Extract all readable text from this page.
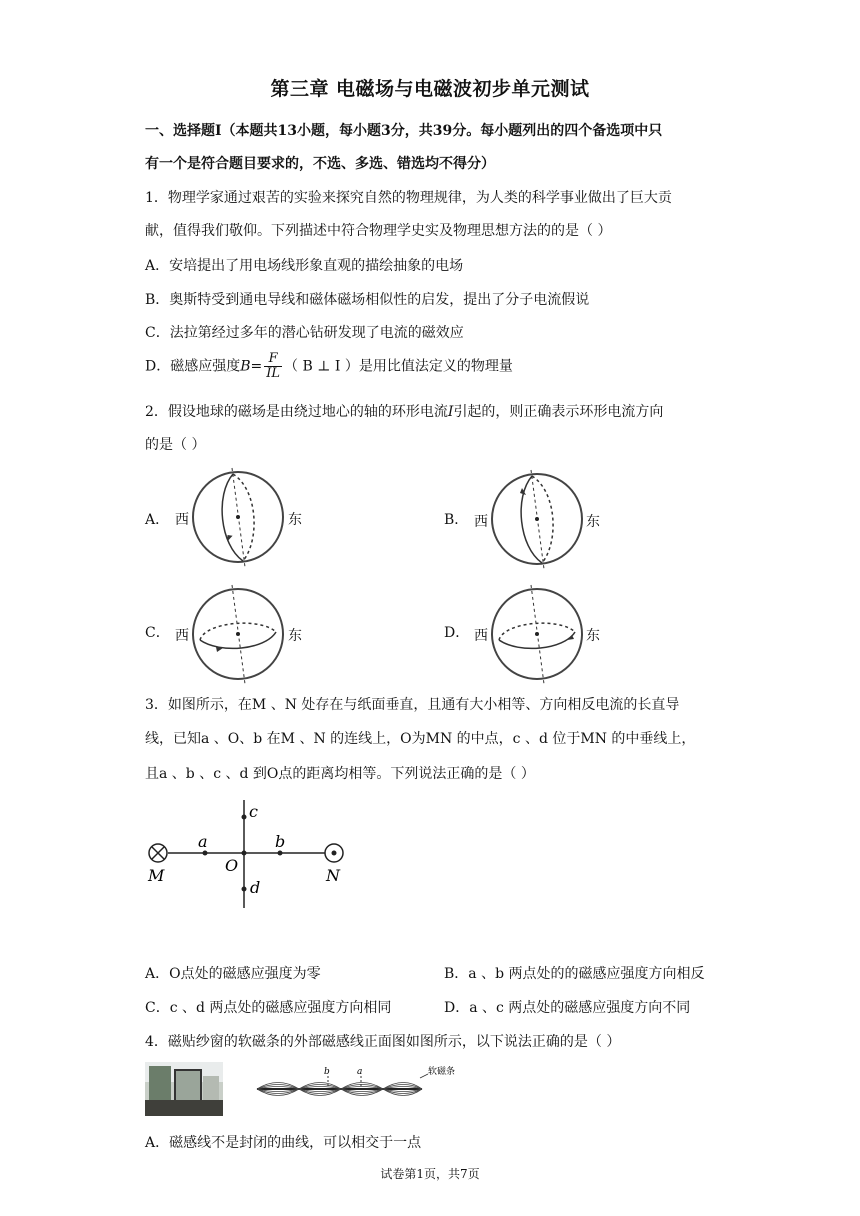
第三章 电磁场与电磁波初步单元测试
一、选择题Ⅰ（本题共13小题，每小题3分，共39分。每小题列出的四个备选项中只
有一个是符合题目要求的，不选、多选、错选均不得分）
1．物理学家通过艰苦的实验来探究自然的物理规律，为人类的科学事业做出了巨大贡
献，值得我们敬仰。下列描述中符合物理学史实及物理思想方法的的是（ ）
A．安培提出了用电场线形象直观的描绘抽象的电场
B．奥斯特受到通电导线和磁体磁场相似性的启发，提出了分子电流假说
C．法拉第经过多年的潜心钻研发现了电流的磁效应
D．磁感应强度$B= \frac{F}{IL}$ （ B ⊥ I ）是用比值法定义的物理量
2．假设地球的磁场是由绕过地心的轴的环形电流I引起的，则正确表示环形电流方向
的是（ ）
A． 西	东	B． 西	东
C． 西	东	D． 西	东
3．如图所示，在M 、N 处存在与纸面垂直，且通有大小相等、方向相反电流的长直导
线，已知a 、O、b 在M 、N 的连线上，O为MN 的中点，c 、d 位于MN 的中垂线上，
且a 、b 、c 、d 到O点的距离均相等。下列说法正确的是（ ）
c
a	b
O
d
M	N
A．O点处的磁感应强度为零	B．a 、b 两点处的的磁感应强度方向相反
C．c 、d 两点处的磁感应强度方向相同	D．a 、c 两点处的磁感应强度方向不同
4．磁贴纱窗的软磁条的外部磁感线正面图如图所示，以下说法正确的是（ ）
b	a	软磁条
A．磁感线不是封闭的曲线，可以相交于一点
试卷第1页，共7页
